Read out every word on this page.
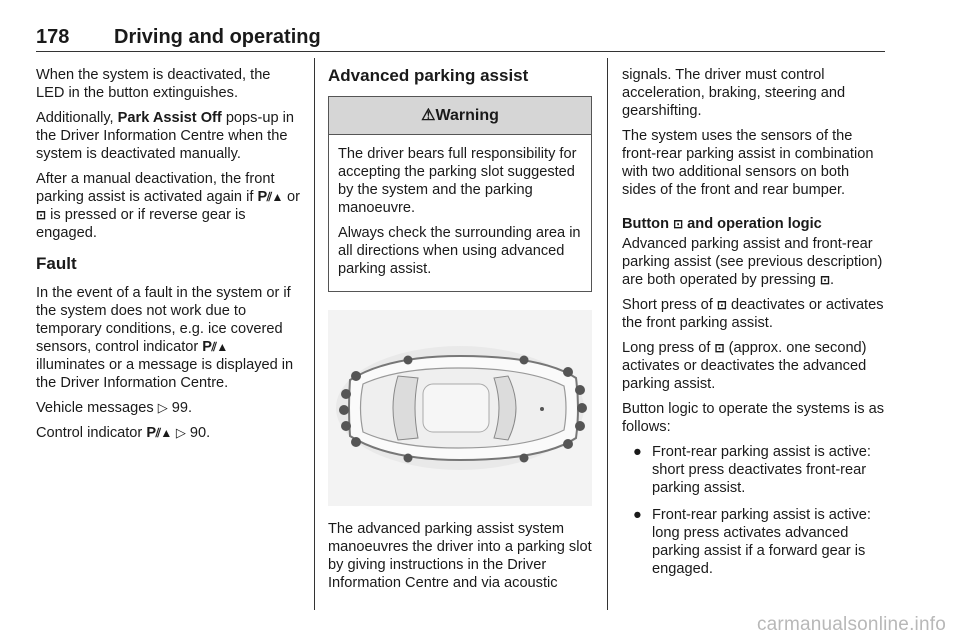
178 Driving and operating

When the system is deactivated, the LED in the button extinguishes.

Additionally, Park Assist Off pops-up in the Driver Information Centre when the system is deactivated manually.

After a manual deactivation, the front parking assist is activated again if P⫽▲ or ⊡ is pressed or if reverse gear is engaged.

Fault

In the event of a fault in the system or if the system does not work due to temporary conditions, e.g. ice covered sensors, control indicator P⫽▲ illuminates or a message is displayed in the Driver Information Centre.

Vehicle messages ▷ 99.

Control indicator P⫽▲ ▷ 90.

Advanced parking assist
⚠Warning

The driver bears full responsibility for accepting the parking slot suggested by the system and the parking manoeuvre.

Always check the surrounding area in all directions when using advanced parking assist.

The advanced parking assist system manoeuvres the driver into a parking slot by giving instructions in the Driver Information Centre and via acoustic

signals. The driver must control acceleration, braking, steering and gearshifting.

The system uses the sensors of the front-rear parking assist in combination with two additional sensors on both sides of the front and rear bumper.

Button ⊡ and operation logic

Advanced parking assist and front-rear parking assist (see previous description) are both operated by pressing ⊡.

Short press of ⊡ deactivates or activates the front parking assist.

Long press of ⊡ (approx. one second) activates or deactivates the advanced parking assist.

Button logic to operate the systems is as follows:

● Front-rear parking assist is active: short press deactivates front-rear parking assist.
● Front-rear parking assist is active: long press activates advanced parking assist if a forward gear is engaged.
carmanualsonline.info
